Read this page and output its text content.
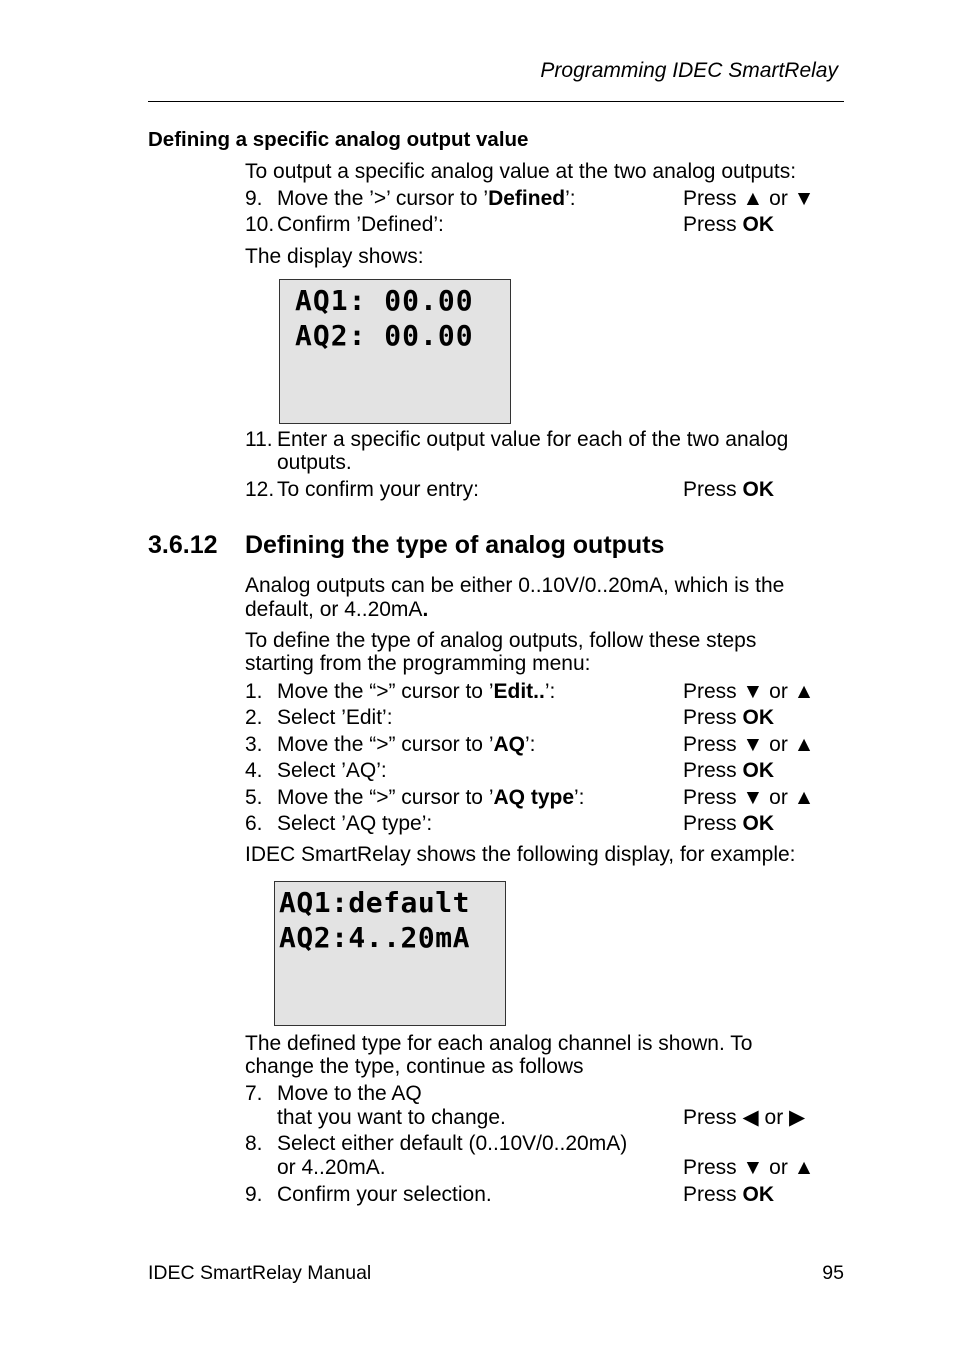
Programming IDEC SmartRelay
Defining a specific analog output value
To output a specific analog value at the two analog outputs:
9. Move the ’>’ cursor to ’Defined’:	Press ▲ or ▼
10. Confirm ’Defined’:	Press OK
The display shows:
AQ1: 00.00
AQ2: 00.00
11. Enter a specific output value for each of the two analog
outputs.
12. To confirm your entry:	Press OK
3.6.12 Defining the type of analog outputs
Analog outputs can be either 0..10V/0..20mA, which is the
default, or 4..20mA.
To define the type of analog outputs, follow these steps
starting from the programming menu:
1. Move the “>” cursor to ’Edit..’:	Press ▼ or ▲
2. Select ’Edit’:	Press OK
3. Move the “>” cursor to ’AQ’:	Press ▼ or ▲
4. Select ’AQ’:	Press OK
5. Move the “>” cursor to ’AQ type’:	Press ▼ or ▲
6. Select ’AQ type’:	Press OK
IDEC SmartRelay shows the following display, for example:
AQ1:default
AQ2:4..20mA
The defined type for each analog channel is shown. To
change the type, continue as follows
7. Move to the AQ
that you want to change.	Press ◀ or ▶
8. Select either default (0..10V/0..20mA)
or 4..20mA.	Press ▼ or ▲
9. Confirm your selection.	Press OK
IDEC SmartRelay Manual	95
